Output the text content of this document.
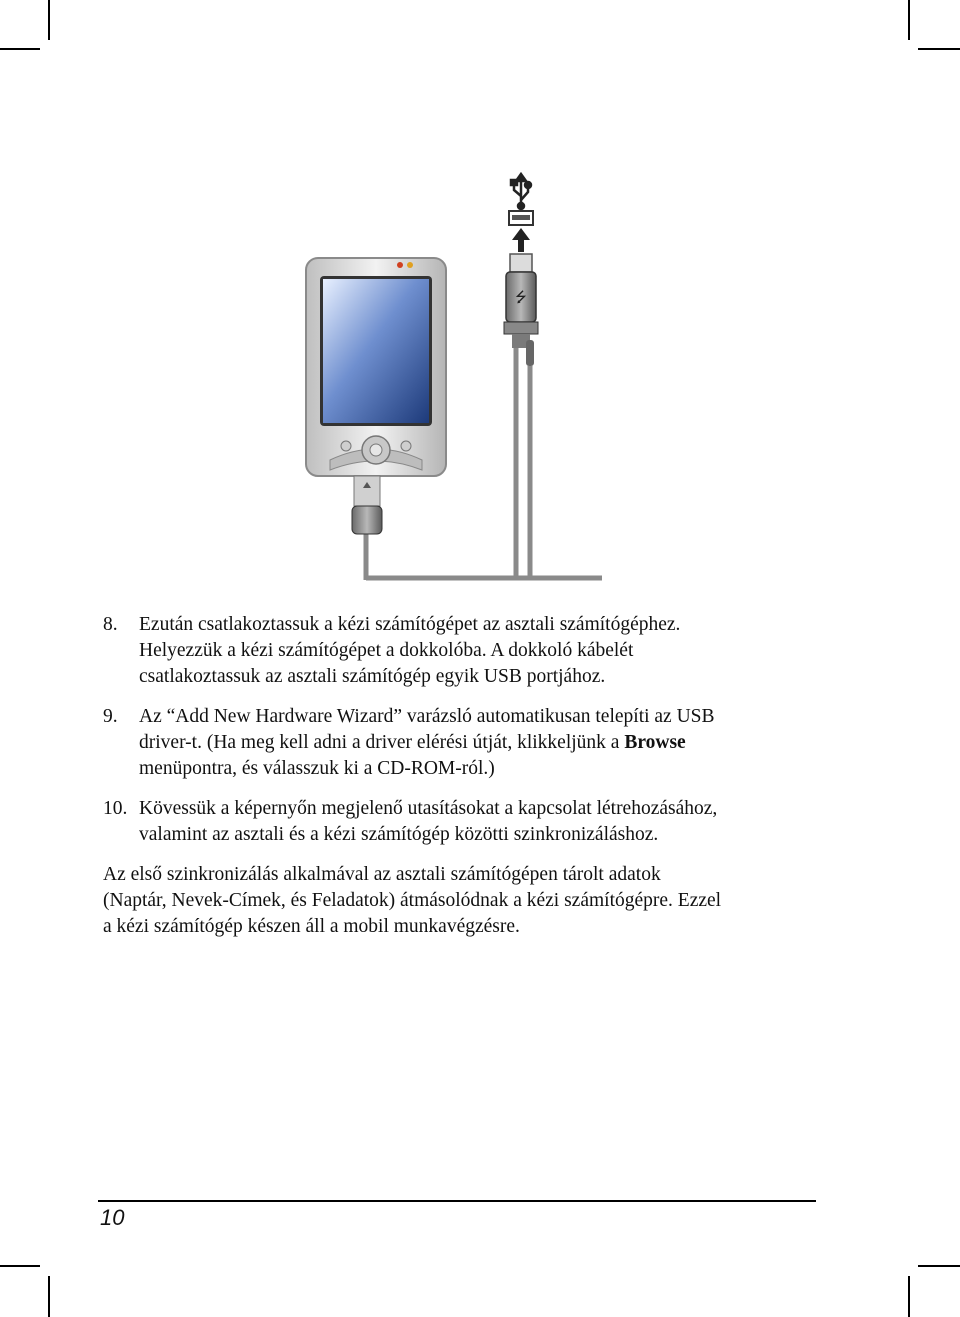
⭍
8.	Ezután csatlakoztassuk a kézi számítógépet az asztali számítógéphez.
Helyezzük a kézi számítógépet a dokkolóba. A dokkoló kábelét
csatlakoztassuk az asztali számítógép egyik USB portjához.
9.	Az “Add New Hardware Wizard” varázsló automatikusan telepíti az USB
driver-t. (Ha meg kell adni a driver elérési útját, klikkeljünk a Browse
menüpontra, és válasszuk ki a CD-ROM-ról.)
10. Kövessük a képernyőn megjelenő utasításokat a kapcsolat létrehozásához,
valamint az asztali és a kézi számítógép közötti szinkronizáláshoz.
Az első szinkronizálás alkalmával az asztali számítógépen tárolt adatok
(Naptár, Nevek-Címek, és Feladatok) átmásolódnak a kézi számítógépre. Ezzel
a kézi számítógép készen áll a mobil munkavégzésre.
10
